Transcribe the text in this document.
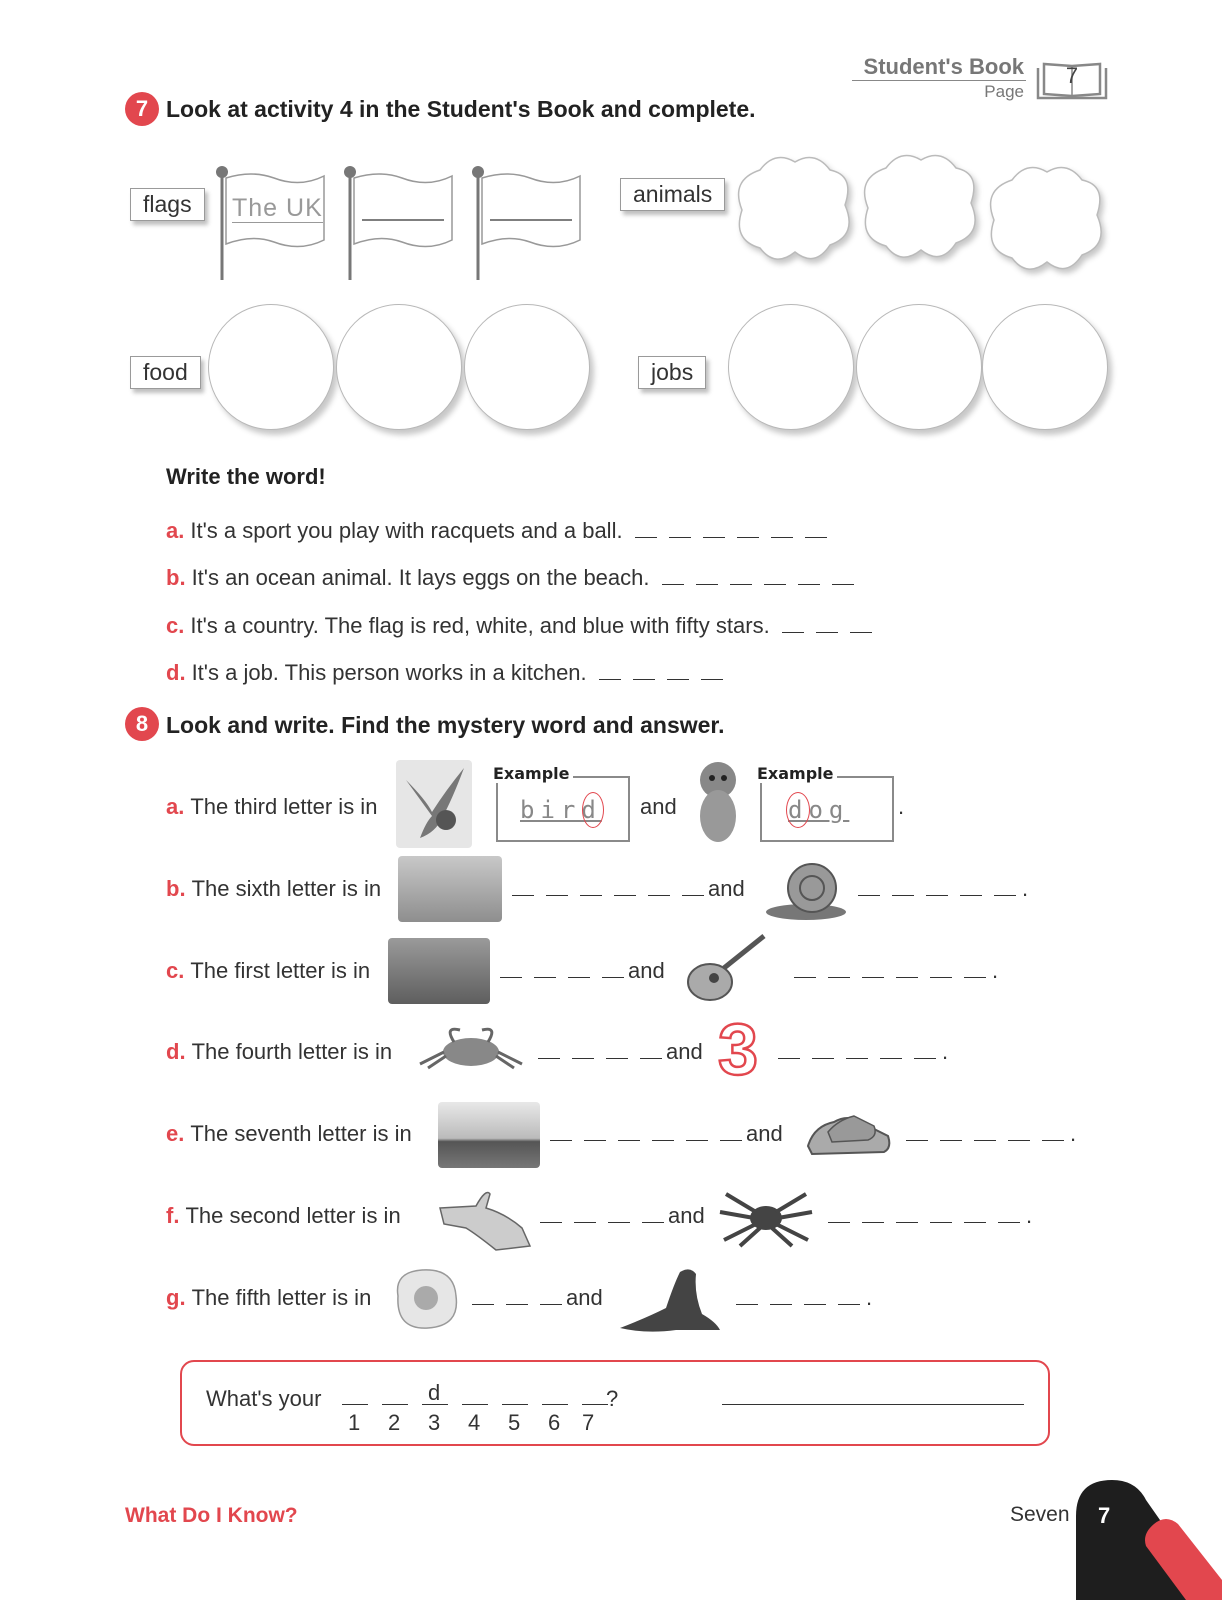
Student's Book
Page
7
7 Look at activity 4 in the Student's Book and complete.
flags	The UK	animals
food	jobs
Write the word!
a. It's a sport you play with racquets and a ball.
b. It's an ocean animal. It lays eggs on the beach.
c. It's a country. The flag is red, white, and blue with fifty stars.
d. It's a job. This person works in a kitchen.
8 Look and write. Find the mystery word and answer.
a. The third letter is in
Example
bird and
Example
dog .
b. The sixth letter is in	and	.
c. The first letter is in	and	.
d. The fourth letter is in	and 3	.
e. The seventh letter is in	and	.
f. The second letter is in	and	.
g. The fifth letter is in	and	.
What's your	d	?
1 2 3 4 5 6 7
What Do I Know?	Seven 7
